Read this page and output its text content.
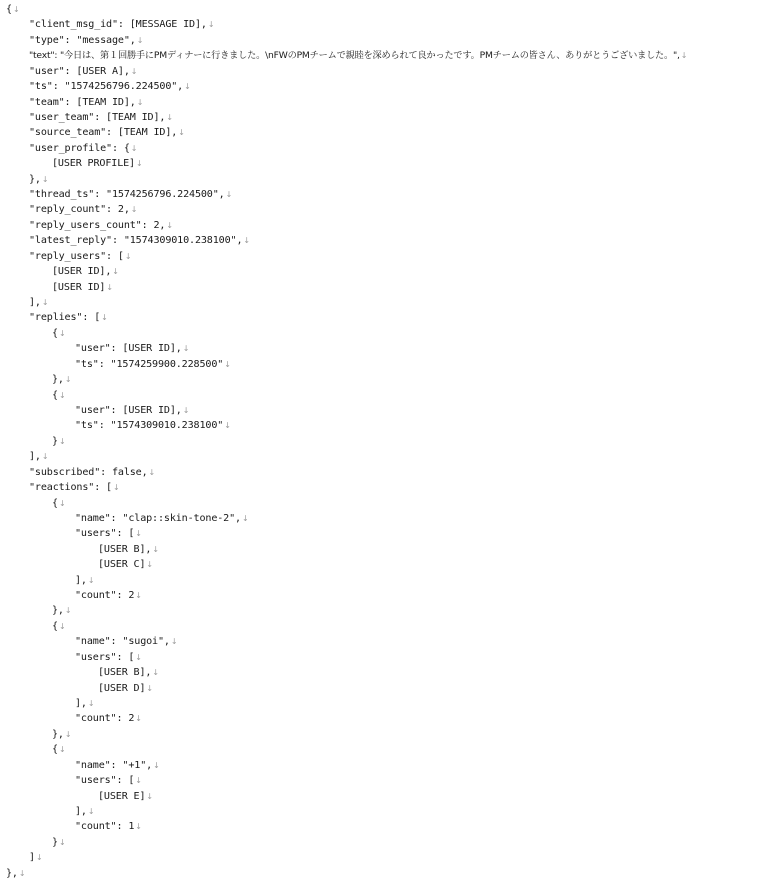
{↓
"client_msg_id": [MESSAGE ID],↓
"type": "message",↓
"text": "今日は、第１回勝手にPMディナーに行きました。\nFWのPMチームで親睦を深められて良かったです。PMチームの皆さん、ありがとうございました。",↓
"user": [USER A],↓
"ts": "1574256796.224500",↓
"team": [TEAM ID],↓
"user_team": [TEAM ID],↓
"source_team": [TEAM ID],↓
"user_profile": {↓
[USER PROFILE]↓
},↓
"thread_ts": "1574256796.224500",↓
"reply_count": 2,↓
"reply_users_count": 2,↓
"latest_reply": "1574309010.238100",↓
"reply_users": [↓
[USER ID],↓
[USER ID]↓
],↓
"replies": [↓
{↓
"user": [USER ID],↓
"ts": "1574259900.228500"↓
},↓
{↓
"user": [USER ID],↓
"ts": "1574309010.238100"↓
}↓
],↓
"subscribed": false,↓
"reactions": [↓
{↓
"name": "clap::skin-tone-2",↓
"users": [↓
[USER B],↓
[USER C]↓
],↓
"count": 2↓
},↓
{↓
"name": "sugoi",↓
"users": [↓
[USER B],↓
[USER D]↓
],↓
"count": 2↓
},↓
{↓
"name": "+1",↓
"users": [↓
[USER E]↓
],↓
"count": 1↓
}↓
]↓
},↓
